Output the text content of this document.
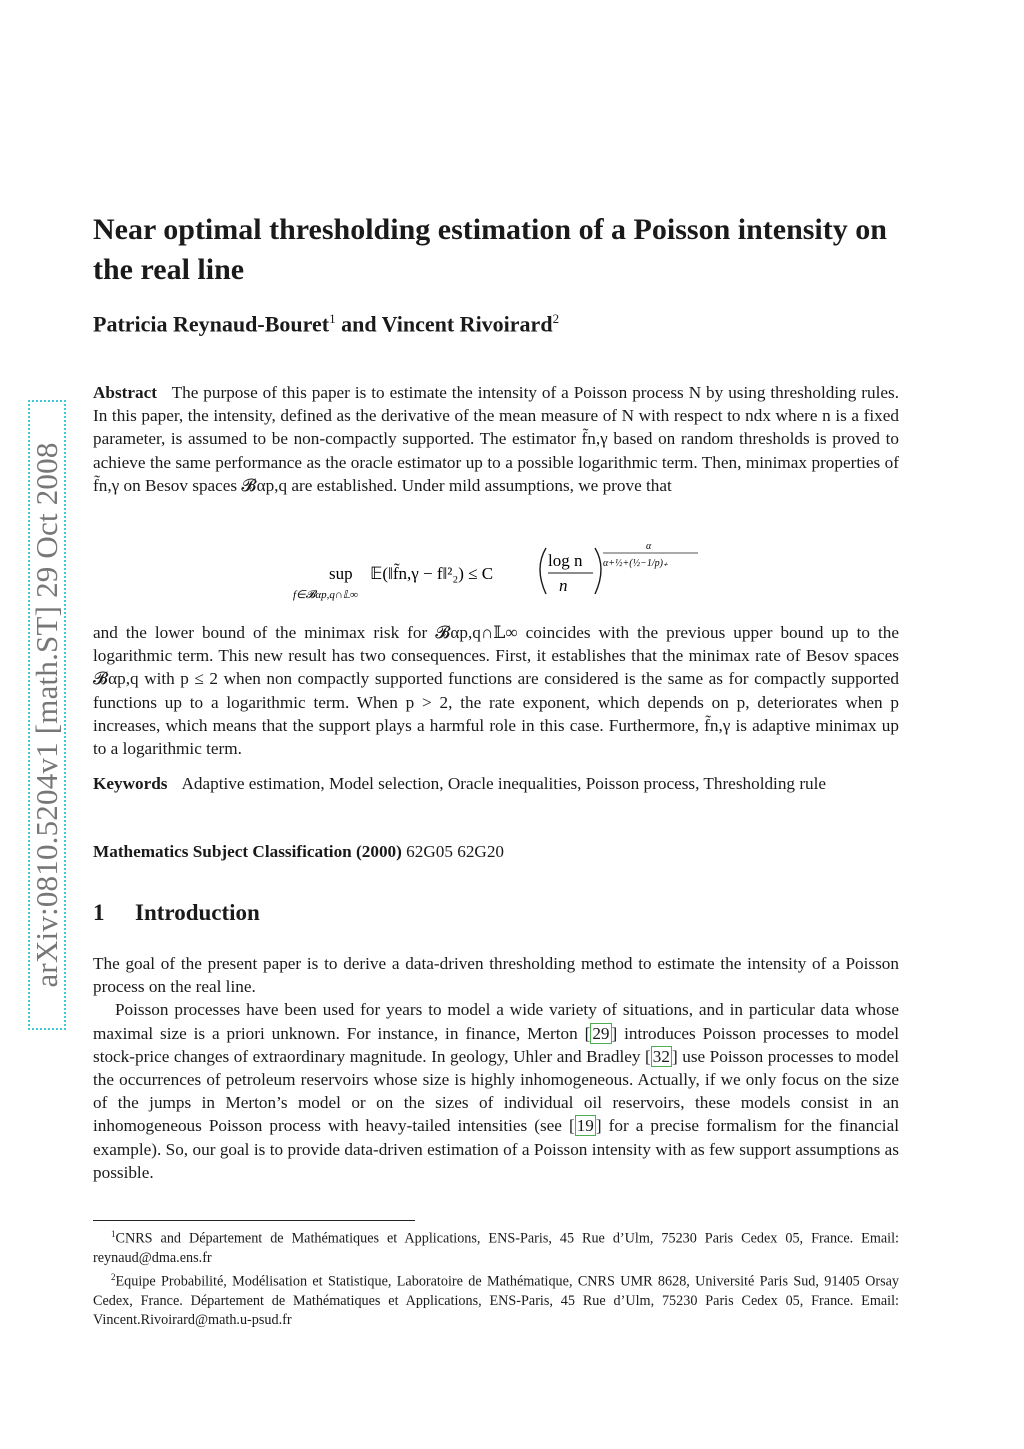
arXiv:0810.5204v1 [math.ST] 29 Oct 2008
Near optimal thresholding estimation of a Poisson intensity on the real line

Patricia Reynaud-Bouret$^1$ and Vincent Rivoirard$^2$

Abstract The purpose of this paper is to estimate the intensity of a Poisson process N by using thresholding rules. In this paper, the intensity, defined as the derivative of the mean measure of N with respect to ndx where n is a fixed parameter, is assumed to be non-compactly supported. The estimator f̃n,γ based on random thresholds is proved to achieve the same performance as the oracle estimator up to a possible logarithmic term. Then, minimax properties of f̃n,γ on Besov spaces 𝓑αp,q are established. Under mild assumptions, we prove that

sup
f∈𝓑αp,q∩𝕃∞
𝔼(‖f̃n,γ − f‖²₂) ≤ C
log n
n
α
α+½+(½−1/p)₊

and the lower bound of the minimax risk for 𝓑αp,q∩𝕃∞ coincides with the previous upper bound up to the logarithmic term. This new result has two consequences. First, it establishes that the minimax rate of Besov spaces 𝓑αp,q with p ≤ 2 when non compactly supported functions are considered is the same as for compactly supported functions up to a logarithmic term. When p > 2, the rate exponent, which depends on p, deteriorates when p increases, which means that the support plays a harmful role in this case. Furthermore, f̃n,γ is adaptive minimax up to a logarithmic term.

Keywords Adaptive estimation, Model selection, Oracle inequalities, Poisson process, Thresholding rule

Mathematics Subject Classification (2000) 62G05 62G20

1 Introduction

The goal of the present paper is to derive a data-driven thresholding method to estimate the intensity of a Poisson process on the real line.

Poisson processes have been used for years to model a wide variety of situations, and in particular data whose maximal size is a priori unknown. For instance, in finance, Merton [ 29 ] introduces Poisson processes to model stock-price changes of extraordinary magnitude. In geology, Uhler and Bradley [ 32 ] use Poisson processes to model the occurrences of petroleum reservoirs whose size is highly inhomogeneous. Actually, if we only focus on the size of the jumps in Merton’s model or on the sizes of individual oil reservoirs, these models consist in an inhomogeneous Poisson process with heavy-tailed intensities (see [ 19 ] for a precise formalism for the financial example). So, our goal is to provide data-driven estimation of a Poisson intensity with as few support assumptions as possible.

$^1$CNRS and Département de Mathématiques et Applications, ENS-Paris, 45 Rue d’Ulm, 75230 Paris Cedex 05, France. Email: reynaud@dma.ens.fr

$^2$Equipe Probabilité, Modélisation et Statistique, Laboratoire de Mathématique, CNRS UMR 8628, Université Paris Sud, 91405 Orsay Cedex, France. Département de Mathématiques et Applications, ENS-Paris, 45 Rue d’Ulm, 75230 Paris Cedex 05, France. Email: Vincent.Rivoirard@math.u-psud.fr
